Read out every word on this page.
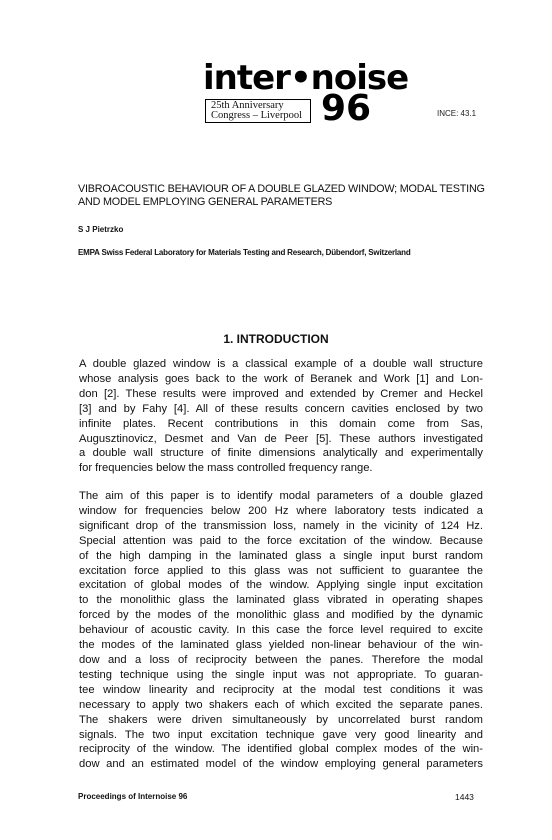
inter•noise
25th Anniversary
Congress – Liverpool 96	INCE: 43.1
VIBROACOUSTIC BEHAVIOUR OF A DOUBLE GLAZED WINDOW; MODAL TESTING AND MODEL EMPLOYING GENERAL PARAMETERS
S J Pietrzko
EMPA Swiss Federal Laboratory for Materials Testing and Research, Dübendorf, Switzerland
1. INTRODUCTION
A double glazed window is a classical example of a double wall structure
whose analysis goes back to the work of Beranek and Work [1] and Lon-
don [2]. These results were improved and extended by Cremer and Heckel
[3] and by Fahy [4]. All of these results concern cavities enclosed by two
infinite plates. Recent contributions in this domain come from Sas,
Augusztinovicz, Desmet and Van de Peer [5]. These authors investigated
a double wall structure of finite dimensions analytically and experimentally
for frequencies below the mass controlled frequency range.
The aim of this paper is to identify modal parameters of a double glazed
window for frequencies below 200 Hz where laboratory tests indicated a
significant drop of the transmission loss, namely in the vicinity of 124 Hz.
Special attention was paid to the force excitation of the window. Because
of the high damping in the laminated glass a single input burst random
excitation force applied to this glass was not sufficient to guarantee the
excitation of global modes of the window. Applying single input excitation
to the monolithic glass the laminated glass vibrated in operating shapes
forced by the modes of the monolithic glass and modified by the dynamic
behaviour of acoustic cavity. In this case the force level required to excite
the modes of the laminated glass yielded non-linear behaviour of the win-
dow and a loss of reciprocity between the panes. Therefore the modal
testing technique using the single input was not appropriate. To guaran-
tee window linearity and reciprocity at the modal test conditions it was
necessary to apply two shakers each of which excited the separate panes.
The shakers were driven simultaneously by uncorrelated burst random
signals. The two input excitation technique gave very good linearity and
reciprocity of the window. The identified global complex modes of the win-
dow and an estimated model of the window employing general parameters
Proceedings of Internoise 96	1443
